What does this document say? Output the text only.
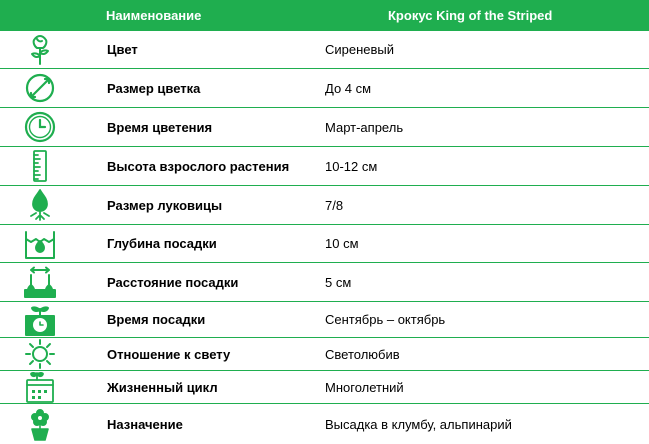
Наименование	Крокус King of the Striped
Цвет	Сиреневый
Размер цветка	До 4 см
Время цветения	Март-апрель
Высота взрослого растения	10-12 см
Размер луковицы	7/8
Глубина посадки	10 см
Расстояние посадки	5 см
Время посадки	Сентябрь – октябрь
Отношение к свету	Светолюбив
Жизненный цикл	Многолетний
Назначение	Высадка в клумбу, альпинарий
